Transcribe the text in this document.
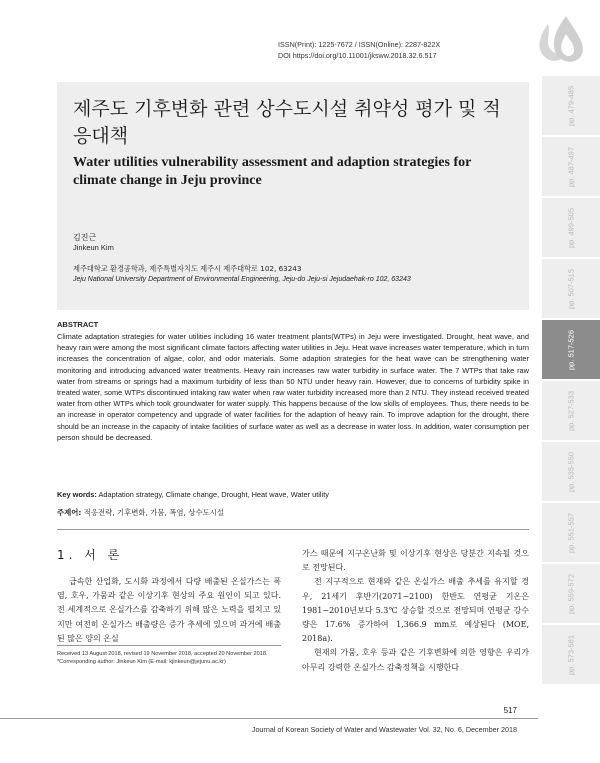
ISSN(Print): 1225-7672 / ISSN(Online): 2287-822X
DOI https://doi.org/10.11001/jksww.2018.32.6.517
pp. 479-485
pp. 487-497
pp. 499-505
pp. 507-515
pp. 517-526
pp. 527-533
pp. 535-550
pp. 551-557
pp. 559-572
pp. 573-581
제주도 기후변화 관련 상수도시설 취약성 평가 및 적응대책
Water utilities vulnerability assessment and adaption strategies for climate change in Jeju province
김진근
Jinkeun Kim
제주대학교 환경공학과, 제주특별자치도 제주시 제주대학로 102, 63243
Jeju National University Department of Environmental Engineering, Jeju-do Jeju-si Jejudaehak-ro 102, 63243
ABSTRACT
Climate adaptation strategies for water utilities including 16 water treatment plants(WTPs) in Jeju were investigated. Drought, heat wave, and heavy rain were among the most significant climate factors affecting water utilities in Jeju. Heat wave increases water temperature, which in turn increases the concentration of algae, color, and odor materials. Some adaption strategies for the heat wave can be strengthening water monitoring and introducing advanced water treatments. Heavy rain increases raw water turbidity in surface water. The 7 WTPs that take raw water from streams or springs had a maximum turbidity of less than 50 NTU under heavy rain. However, due to concerns of turbidity spike in treated water, some WTPs discontinued intaking raw water when raw water turbidity increased more than 2 NTU. They instead received treated water from other WTPs which took groundwater for water supply. This happens because of the low skills of employees. Thus, there needs to be an increase in operator competency and upgrade of water facilities for the adaption of heavy rain. To improve adaption for the drought, there should be an increase in the capacity of intake facilities of surface water as well as a decrease in water loss. In addition, water consumption per person should be decreased.
Key words: Adaptation strategy, Climate change, Drought, Heat wave, Water utility
주제어: 적응전략, 기후변화, 가뭄, 폭염, 상수도시설
1. 서 론
급속한 산업화, 도시화 과정에서 다량 배출된 온실가스는 폭염, 호우, 가뭄과 같은 이상기후 현상의 주요 원인이 되고 있다. 전 세계적으로 온실가스를 감축하기 위해 많은 노력을 펼치고 있지만 여전히 온실가스 배출량은 증가 추세에 있으며 과거에 배출된 많은 양의 온실

가스 때문에 지구온난화 및 이상기후 현상은 당분간 지속될 것으로 전망된다.

전 지구적으로 현재와 같은 온실가스 배출 추세를 유지할 경우, 21세기 후반기(2071~2100) 한반도 연평균 기온은 1981~2010년보다 5.3℃ 상승할 것으로 전망되며 연평균 강수량은 17.6% 증가하여 1,366.9 mm로 예상된다 (MOE, 2018a).

현재의 가뭄, 호우 등과 같은 기후변화에 의한 영향은 우리가 아무리 강력한 온실가스 감축정책을 시행한다

Received 13 August 2018, revised 19 November 2018, accepted 20 November 2018.
*Corresponding author: Jinkeun Kim (E-mail: kjinkeun@jejunu.ac.kr)
517
Journal of Korean Society of Water and Wastewater Vol. 32, No. 6, December 2018
